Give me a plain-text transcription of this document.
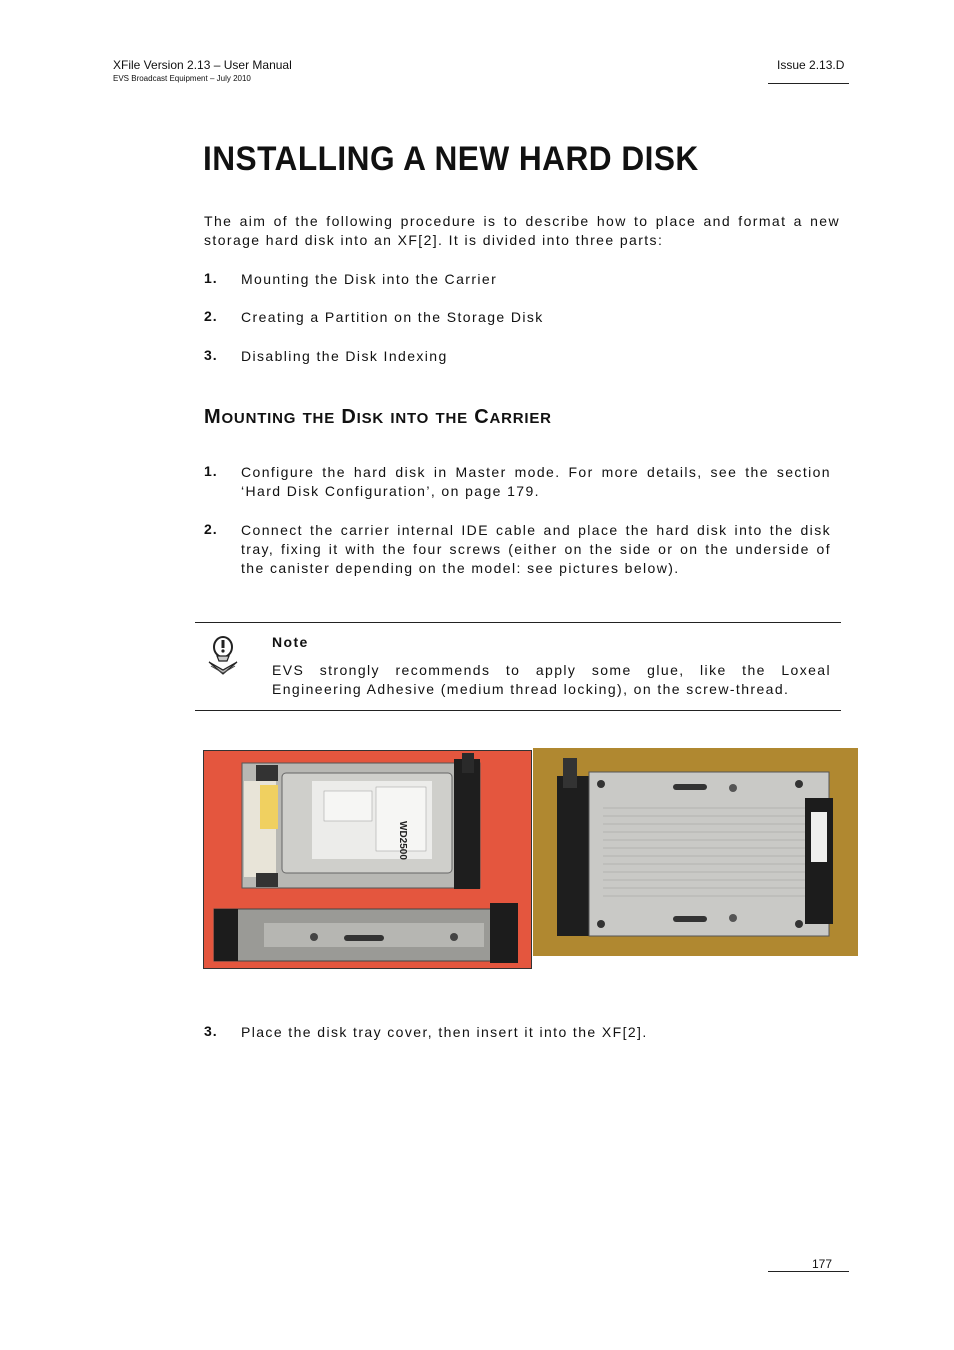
XFile Version 2.13 – User Manual
EVS Broadcast Equipment – July 2010
Issue 2.13.D
INSTALLING A NEW HARD DISK
The aim of the following procedure is to describe how to place and format a new
storage hard disk into an XF[2]. It is divided into three parts:
1. Mounting the Disk into the Carrier
2. Creating a Partition on the Storage Disk
3. Disabling the Disk Indexing
MOUNTING THE DISK INTO THE CARRIER
1. Configure the hard disk in Master mode. For more details, see the section
‘Hard Disk Configuration’, on page 179.
2. Connect the carrier internal IDE cable and place the hard disk into the disk
tray, fixing it with the four screws (either on the side or on the underside of
the canister depending on the model: see pictures below).
Note
EVS strongly recommends to apply some glue, like the Loxeal
Engineering Adhesive (medium thread locking), on the screw-thread.
WD2500
3. Place the disk tray cover, then insert it into the XF[2].
177
